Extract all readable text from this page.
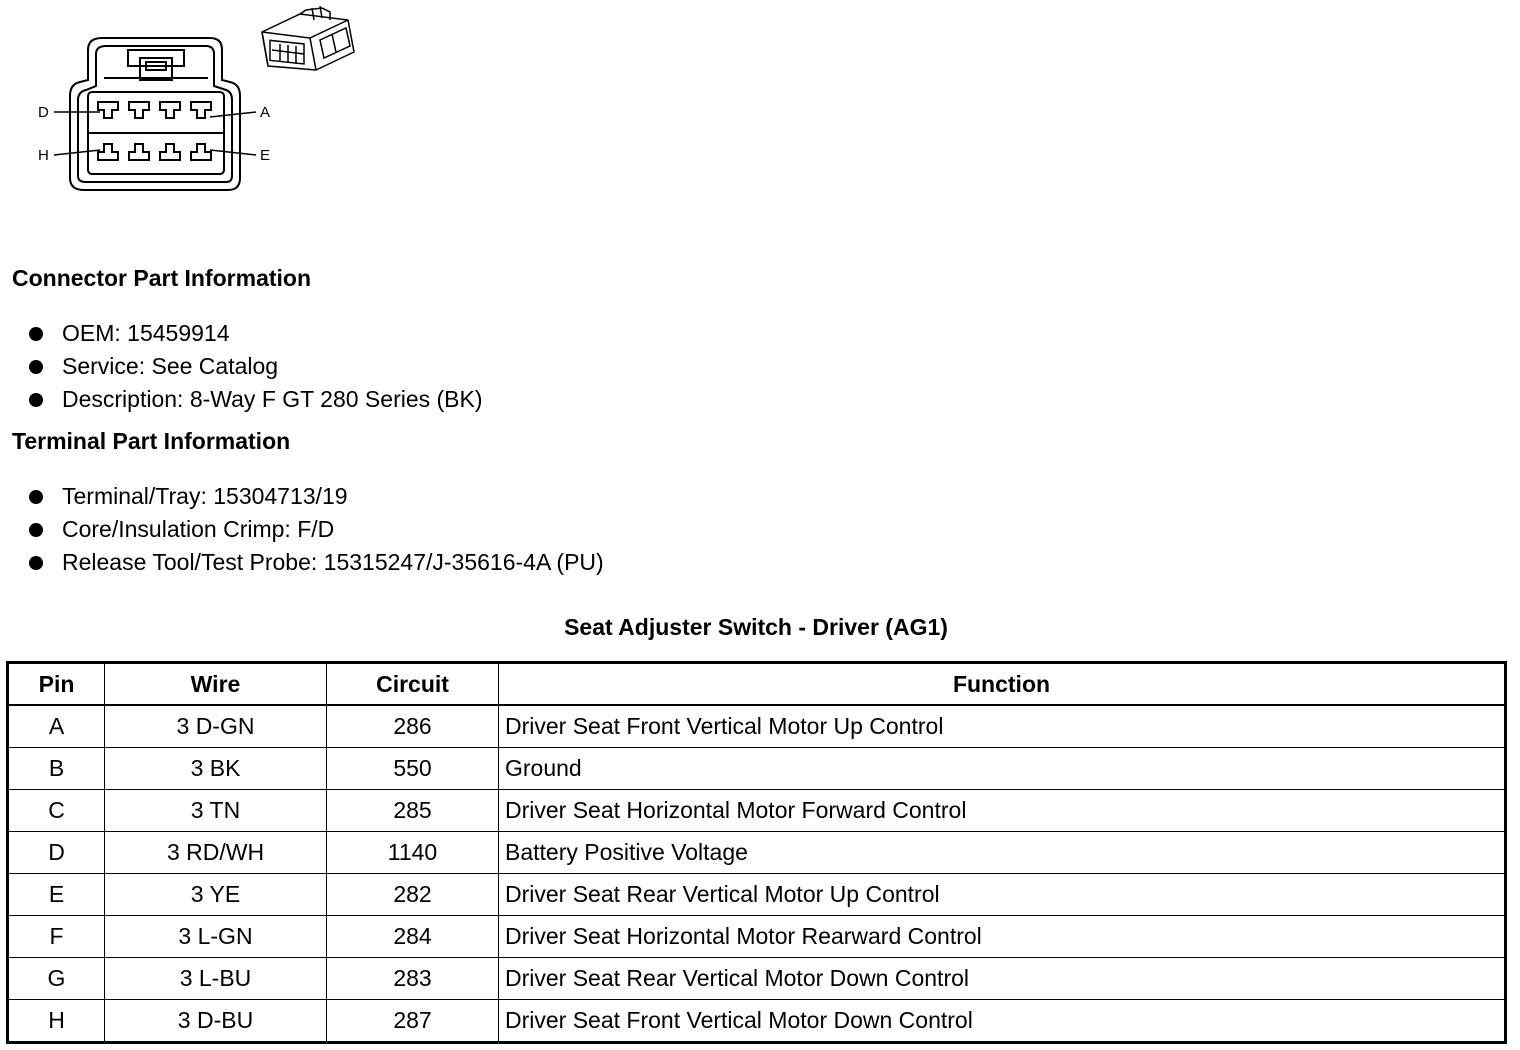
D	A
H	E
Connector Part Information
OEM: 15459914
Service: See Catalog
Description: 8-Way F GT 280 Series (BK)
Terminal Part Information
Terminal/Tray: 15304713/19
Core/Insulation Crimp: F/D
Release Tool/Test Probe: 15315247/J-35616-4A (PU)
Seat Adjuster Switch - Driver (AG1)
Pin	Wire	Circuit	Function
A	3 D-GN	286	Driver Seat Front Vertical Motor Up Control
B	3 BK	550	Ground
C	3 TN	285	Driver Seat Horizontal Motor Forward Control
D	3 RD/WH	1140	Battery Positive Voltage
E	3 YE	282	Driver Seat Rear Vertical Motor Up Control
F	3 L-GN	284	Driver Seat Horizontal Motor Rearward Control
G	3 L-BU	283	Driver Seat Rear Vertical Motor Down Control
H	3 D-BU	287	Driver Seat Front Vertical Motor Down Control
